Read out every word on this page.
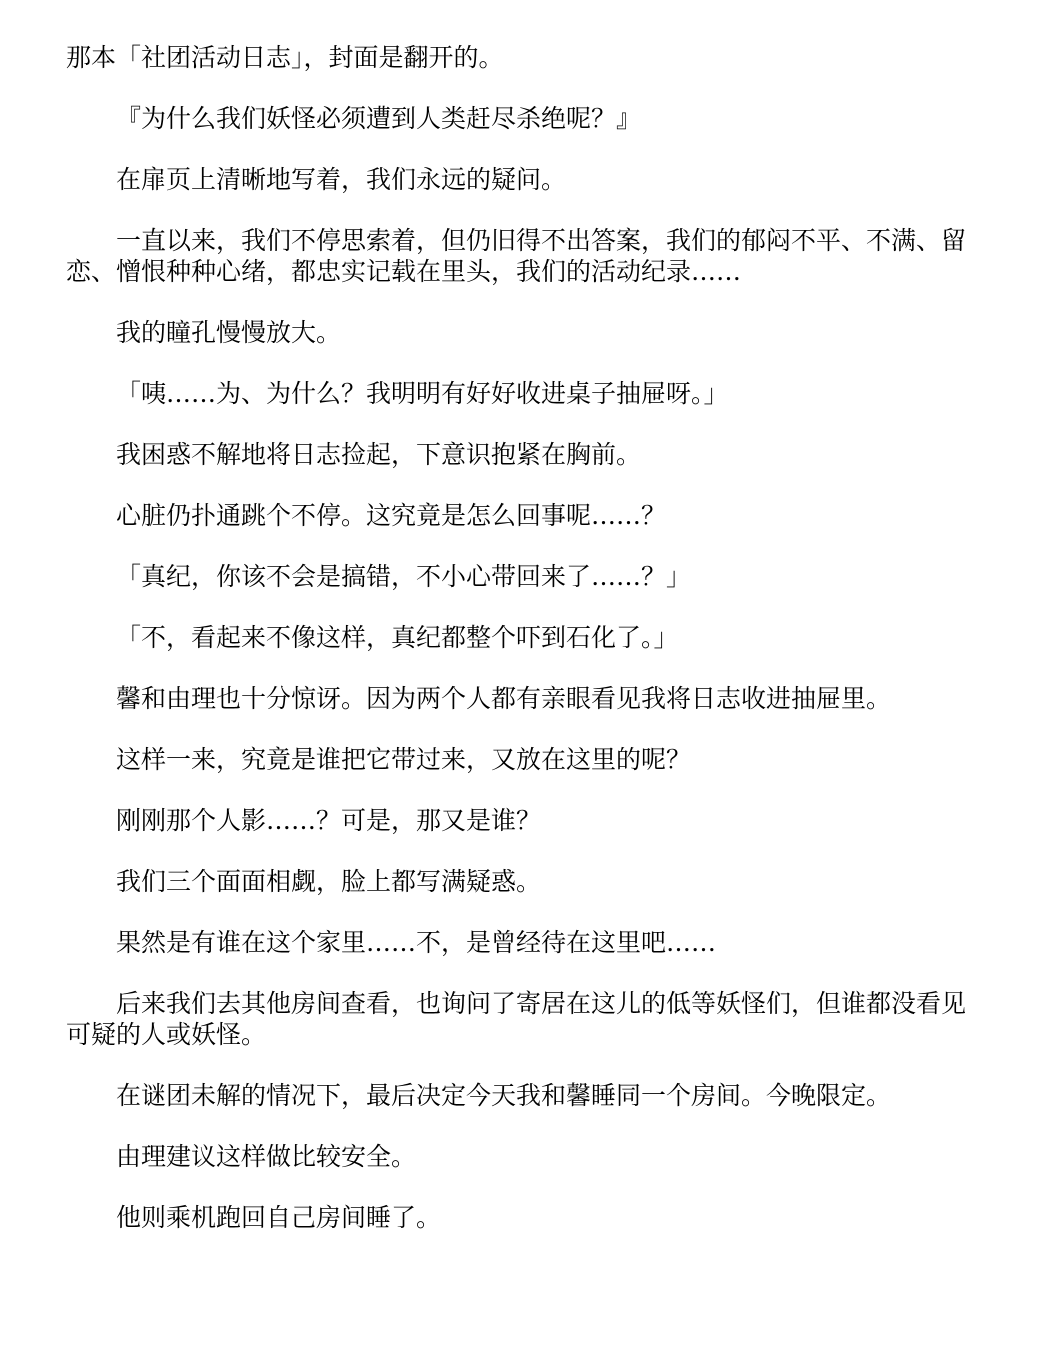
那本「社团活动日志」，封面是翻开的。

『为什么我们妖怪必须遭到人类赶尽杀绝呢？』

在扉页上清晰地写着，我们永远的疑问。

一直以来，我们不停思索着，但仍旧得不出答案，我们的郁闷不平、不满、留恋、憎恨种种心绪，都忠实记载在里头，我们的活动纪录……

我的瞳孔慢慢放大。

「咦……为、为什么？我明明有好好收进桌子抽屉呀。」

我困惑不解地将日志捡起，下意识抱紧在胸前。

心脏仍扑通跳个不停。这究竟是怎么回事呢……？

「真纪，你该不会是搞错，不小心带回来了……？」

「不，看起来不像这样，真纪都整个吓到石化了。」

馨和由理也十分惊讶。因为两个人都有亲眼看见我将日志收进抽屉里。

这样一来，究竟是谁把它带过来，又放在这里的呢？

刚刚那个人影……？可是，那又是谁？

我们三个面面相觑，脸上都写满疑惑。

果然是有谁在这个家里……不，是曾经待在这里吧……

后来我们去其他房间查看，也询问了寄居在这儿的低等妖怪们，但谁都没看见可疑的人或妖怪。

在谜团未解的情况下，最后决定今天我和馨睡同一个房间。今晚限定。

由理建议这样做比较安全。

他则乘机跑回自己房间睡了。
